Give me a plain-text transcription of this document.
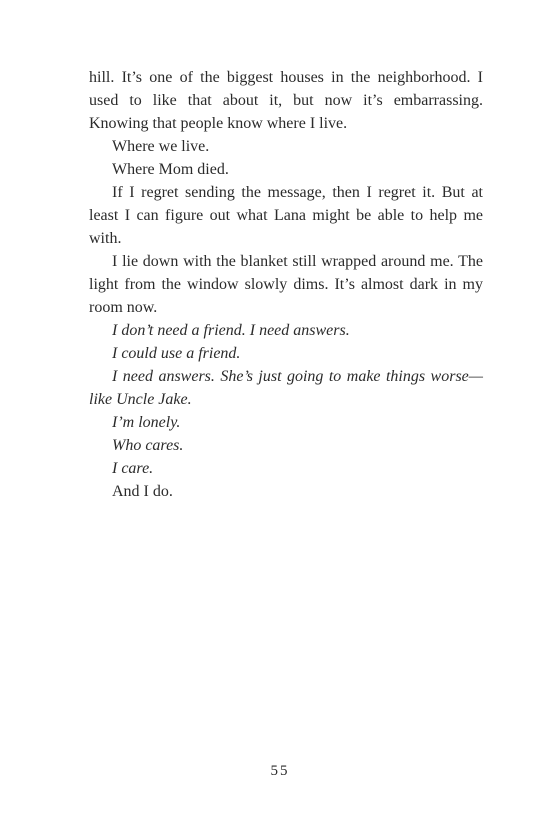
hill. It’s one of the biggest houses in the neighborhood. I used to like that about it, but now it’s embarrassing. Knowing that people know where I live.

Where we live.

Where Mom died.

If I regret sending the message, then I regret it. But at least I can figure out what Lana might be able to help me with.

I lie down with the blanket still wrapped around me. The light from the window slowly dims. It’s almost dark in my room now.

I don’t need a friend. I need answers.

I could use a friend.

I need answers. She’s just going to make things worse—like Uncle Jake.

I’m lonely.

Who cares.

I care.

And I do.

55
